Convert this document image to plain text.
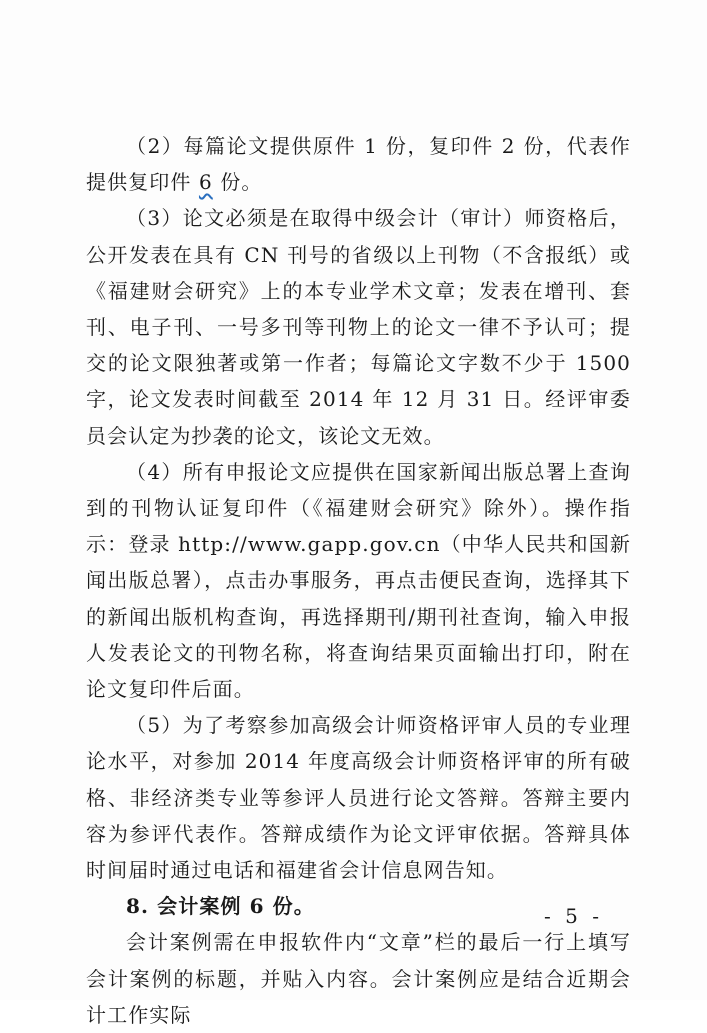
（2）每篇论文提供原件 1 份，复印件 2 份，代表作提供复印件 6 份。

（3）论文必须是在取得中级会计（审计）师资格后，公开发表在具有 CN 刊号的省级以上刊物（不含报纸）或《福建财会研究》上的本专业学术文章；发表在增刊、套刊、电子刊、一号多刊等刊物上的论文一律不予认可；提交的论文限独著或第一作者；每篇论文字数不少于 1500 字，论文发表时间截至 2014 年 12 月 31 日。经评审委员会认定为抄袭的论文，该论文无效。

（4）所有申报论文应提供在国家新闻出版总署上查询到的刊物认证复印件（《福建财会研究》除外）。操作指示：登录 http://www.gapp.gov.cn（中华人民共和国新闻出版总署），点击办事服务，再点击便民查询，选择其下的新闻出版机构查询，再选择期刊/期刊社查询，输入申报人发表论文的刊物名称，将查询结果页面输出打印，附在论文复印件后面。

（5）为了考察参加高级会计师资格评审人员的专业理论水平，对参加 2014 年度高级会计师资格评审的所有破格、非经济类专业等参评人员进行论文答辩。答辩主要内容为参评代表作。答辩成绩作为论文评审依据。答辩具体时间届时通过电话和福建省会计信息网告知。

8. 会计案例 6 份。

会计案例需在申报软件内“文章”栏的最后一行上填写会计案例的标题，并贴入内容。会计案例应是结合近期会计工作实际

- 5 -
